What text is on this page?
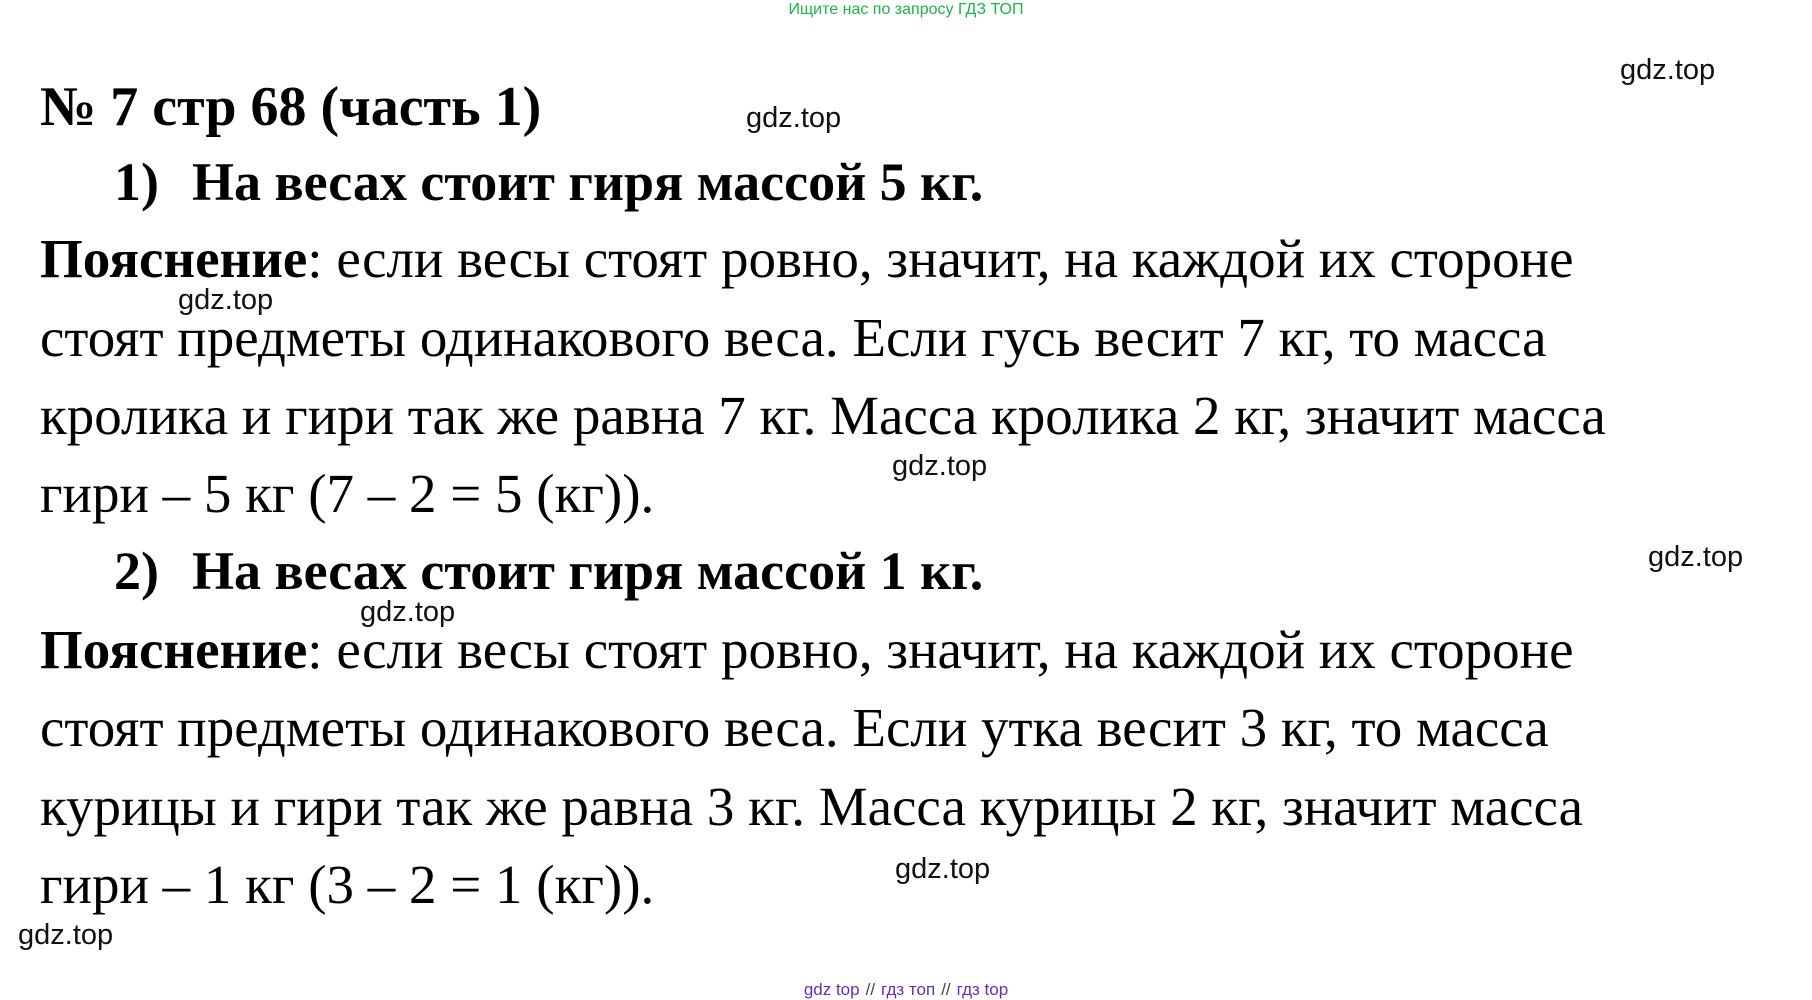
Ищите нас по запросу ГДЗ ТОП
№ 7 стр 68 (часть 1)
1) На весах стоит гиря массой 5 кг.
Пояснение: если весы стоят ровно, значит, на каждой их стороне
стоят предметы одинакового веса. Если гусь весит 7 кг, то масса
кролика и гири так же равна 7 кг. Масса кролика 2 кг, значит масса
гири – 5 кг (7 – 2 = 5 (кг)).
2) На весах стоит гиря массой 1 кг.
Пояснение: если весы стоят ровно, значит, на каждой их стороне
стоят предметы одинакового веса. Если утка весит 3 кг, то масса
курицы и гири так же равна 3 кг. Масса курицы 2 кг, значит масса
гири – 1 кг (3 – 2 = 1 (кг)).
gdz.top
gdz.top
gdz.top
gdz.top
gdz.top
gdz.top
gdz.top
gdz.top
gdz top // гдз топ // гдз top
